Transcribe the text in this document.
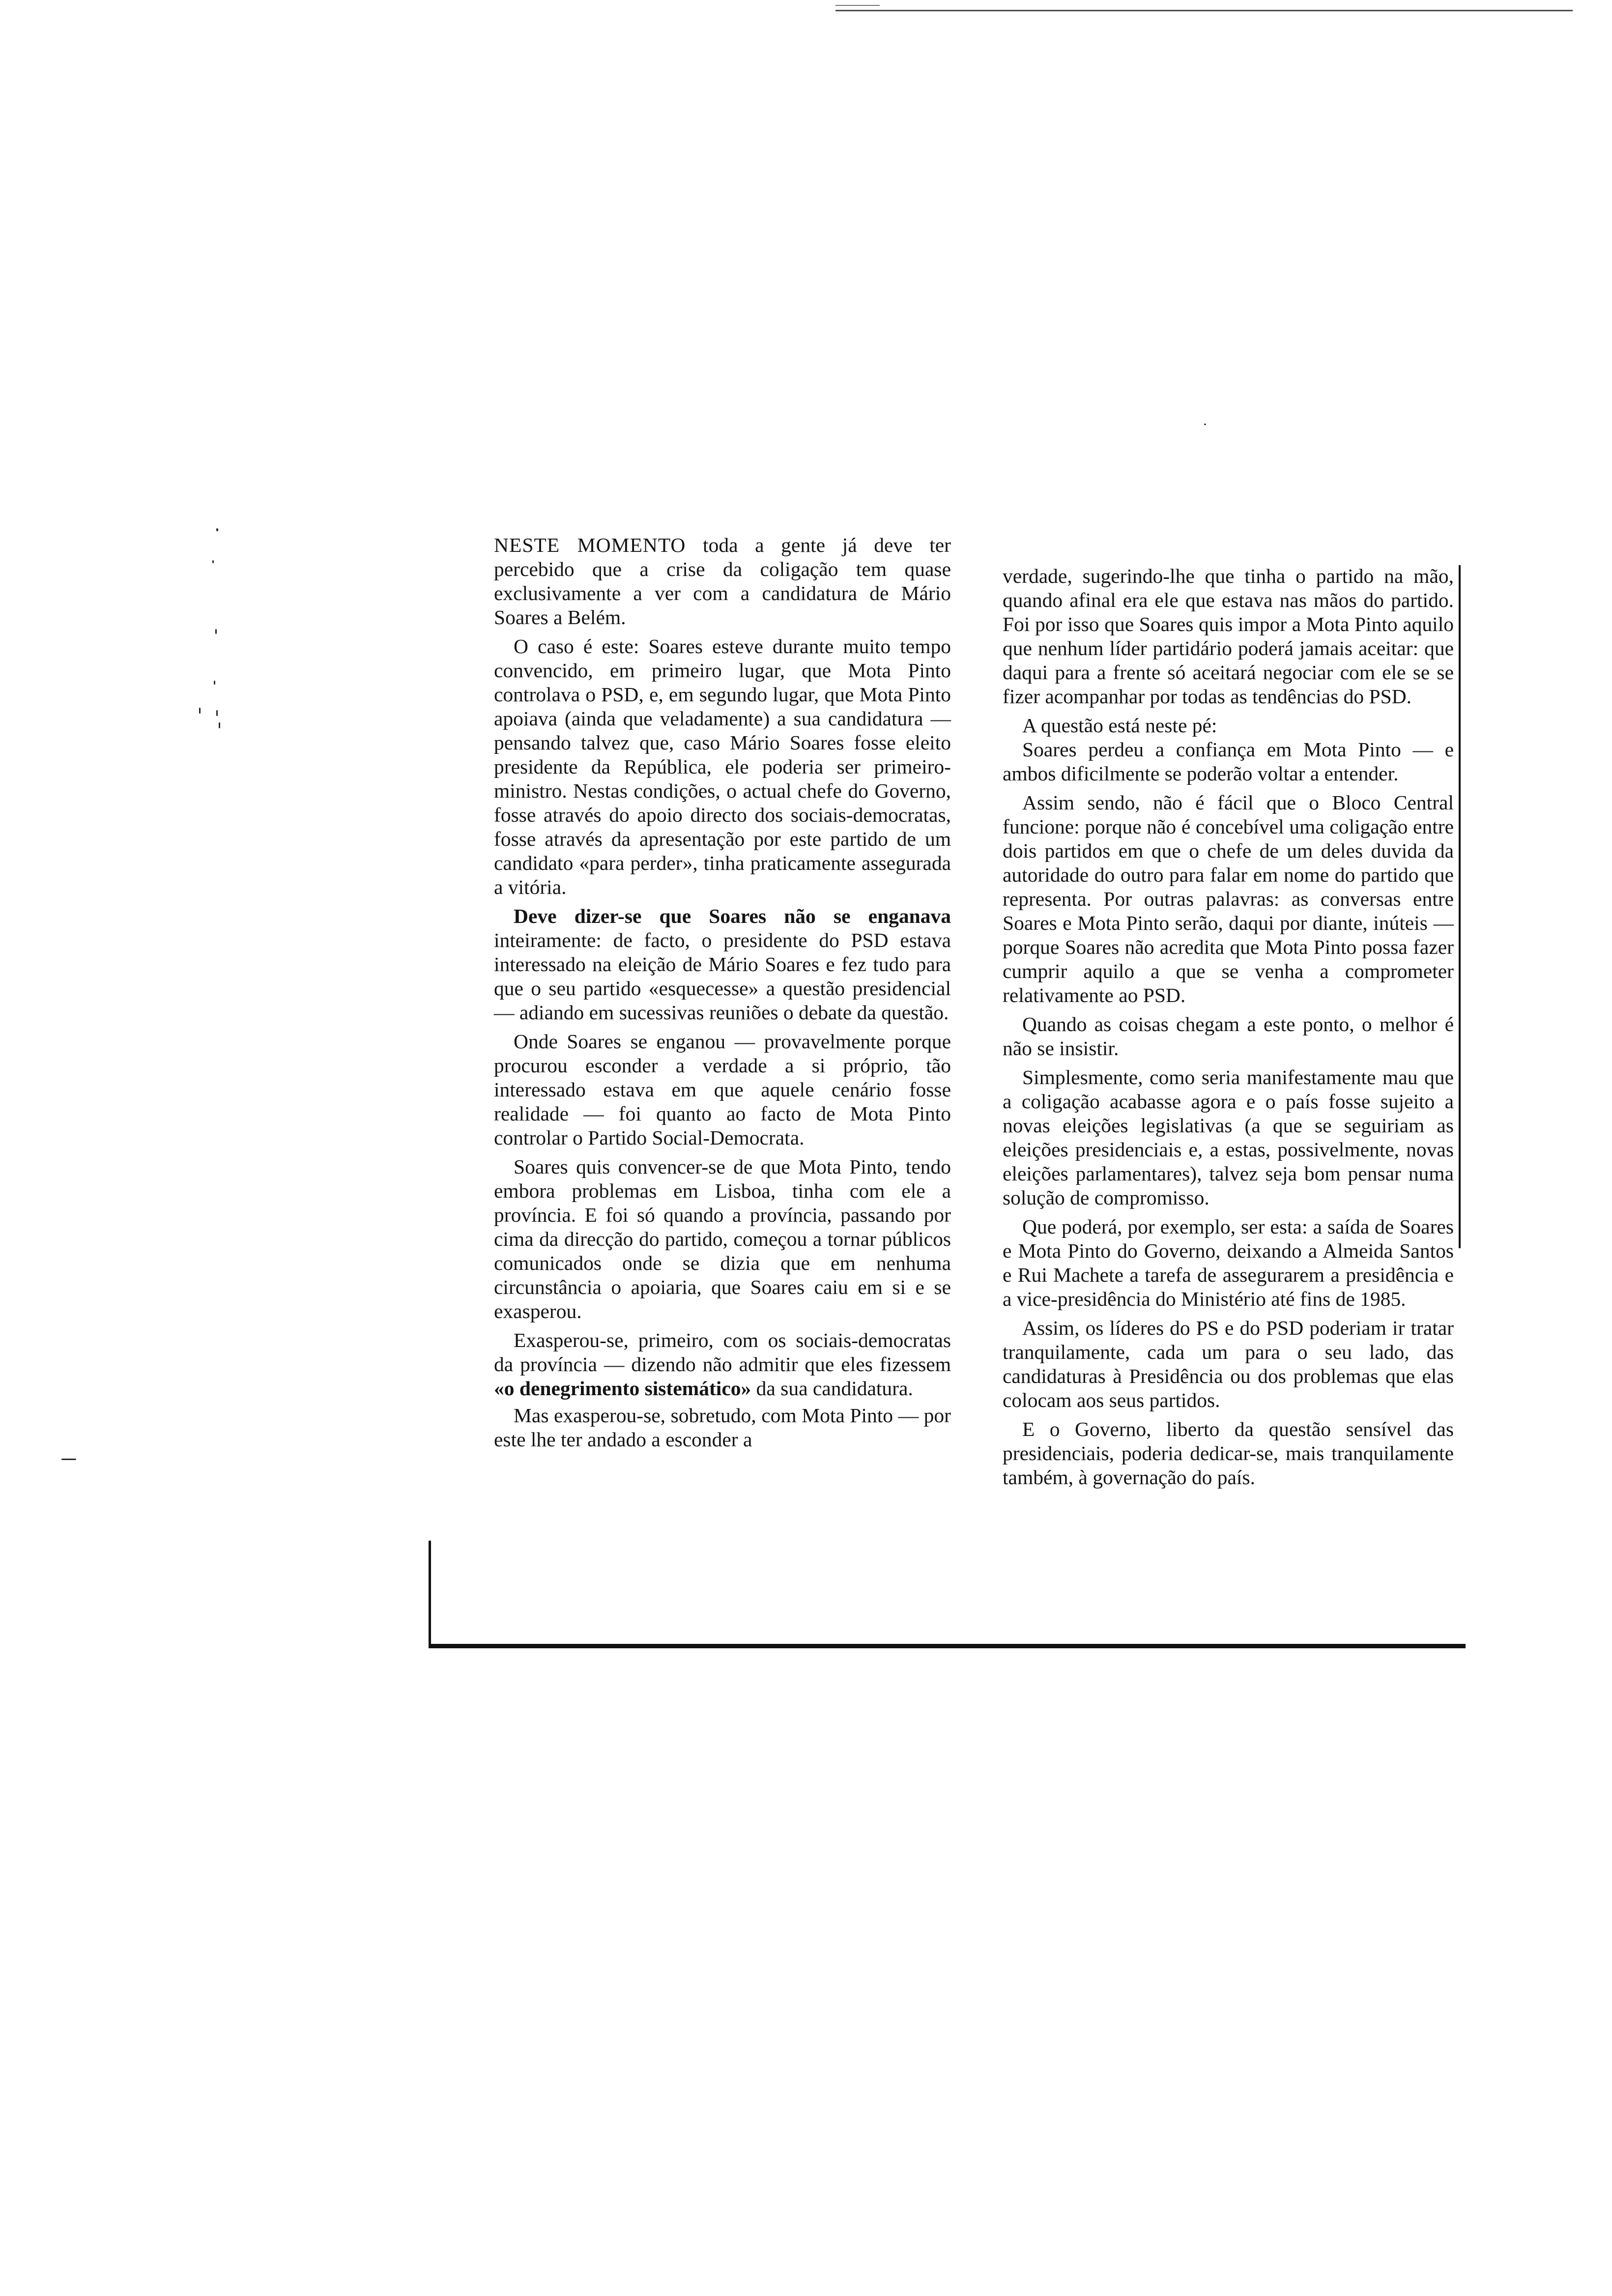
NESTE MOMENTO toda a gente já deve ter percebido que a crise da coligação tem quase exclusivamente a ver com a candidatura de Mário Soares a Belém.

O caso é este: Soares esteve durante muito tempo convencido, em primeiro lugar, que Mota Pinto controlava o PSD, e, em segundo lugar, que Mota Pinto apoiava (ainda que veladamente) a sua candidatura — pensando talvez que, caso Mário Soares fosse eleito presidente da República, ele poderia ser primeiro-ministro. Nestas condições, o actual chefe do Governo, fosse através do apoio directo dos sociais-democratas, fosse através da apresentação por este partido de um candidato «para perder», tinha praticamente assegurada a vitória.

Deve dizer-se que Soares não se enganava inteiramente: de facto, o presidente do PSD estava interessado na eleição de Mário Soares e fez tudo para que o seu partido «esquecesse» a questão presidencial — adiando em sucessivas reuniões o debate da questão.

Onde Soares se enganou — provavelmente porque procurou esconder a verdade a si próprio, tão interessado estava em que aquele cenário fosse realidade — foi quanto ao facto de Mota Pinto controlar o Partido Social-Democrata.

Soares quis convencer-se de que Mota Pinto, tendo embora problemas em Lisboa, tinha com ele a província. E foi só quando a província, passando por cima da direcção do partido, começou a tornar públicos comunicados onde se dizia que em nenhuma circunstância o apoiaria, que Soares caiu em si e se exasperou.

Exasperou-se, primeiro, com os sociais-democratas da província — dizendo não admitir que eles fizessem «o denegrimento sistemático» da sua candidatura.

Mas exasperou-se, sobretudo, com Mota Pinto — por este lhe ter andado a esconder a

verdade, sugerindo-lhe que tinha o partido na mão, quando afinal era ele que estava nas mãos do partido. Foi por isso que Soares quis impor a Mota Pinto aquilo que nenhum líder partidário poderá jamais aceitar: que daqui para a frente só aceitará negociar com ele se se fizer acompanhar por todas as tendências do PSD.

A questão está neste pé:

Soares perdeu a confiança em Mota Pinto — e ambos dificilmente se poderão voltar a entender.

Assim sendo, não é fácil que o Bloco Central funcione: porque não é concebível uma coligação entre dois partidos em que o chefe de um deles duvida da autoridade do outro para falar em nome do partido que representa. Por outras palavras: as conversas entre Soares e Mota Pinto serão, daqui por diante, inúteis — porque Soares não acredita que Mota Pinto possa fazer cumprir aquilo a que se venha a comprometer relativamente ao PSD.

Quando as coisas chegam a este ponto, o melhor é não se insistir.

Simplesmente, como seria manifestamente mau que a coligação acabasse agora e o país fosse sujeito a novas eleições legislativas (a que se seguiriam as eleições presidenciais e, a estas, possivelmente, novas eleições parlamentares), talvez seja bom pensar numa solução de compromisso.

Que poderá, por exemplo, ser esta: a saída de Soares e Mota Pinto do Governo, deixando a Almeida Santos e Rui Machete a tarefa de assegurarem a presidência e a vice-presidência do Ministério até fins de 1985.

Assim, os líderes do PS e do PSD poderiam ir tratar tranquilamente, cada um para o seu lado, das candidaturas à Presidência ou dos problemas que elas colocam aos seus partidos.

E o Governo, liberto da questão sensível das presidenciais, poderia dedicar-se, mais tranquilamente também, à governação do país.
